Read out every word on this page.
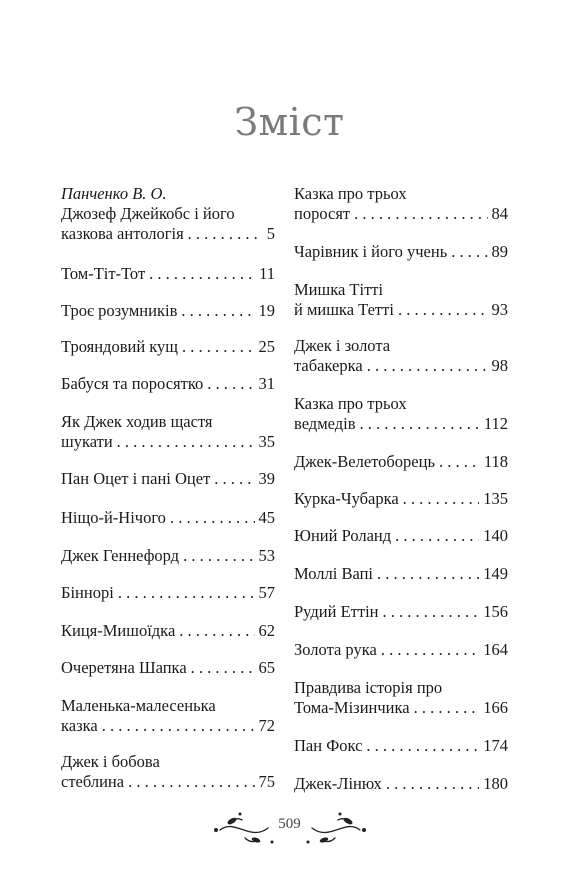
Зміст
Панченко В. О.
Джозеф Джейкобс і його
казкова антологія . . .	5
Том-Тіт-Тот . . .	11
Троє розумників . . .	19
Трояндовий кущ . . .	25
Бабуся та поросятко . . .	31
Як Джек ходив щастя
шукати . . .	35
Пан Оцет і пані Оцет . . .	39
Ніщо-й-Нічого . . .	45
Джек Геннефорд . . .	53
Біннорі . . .	57
Киця-Мишоїдка . . .	62
Очеретяна Шапка . . .	65
Маленька-малесенька
казка . . .	72
Джек і бобова
стеблина . . .	75
Казка про трьох
поросят . . .	84
Чарівник і його учень . . .	89
Мишка Тітті
й мишка Тетті . . .	93
Джек і золота
табакерка . . .	98
Казка про трьох
ведмедів . . .	112
Джек-Велетоборець . . .	118
Курка-Чубарка . . .	135
Юний Роланд . . .	140
Моллі Вапі . . .	149
Рудий Еттін . . .	156
Золота рука . . .	164
Правдива історія про
Тома-Мізинчика . . .	166
Пан Фокс . . .	174
Джек-Лінюх . . .	180
509
